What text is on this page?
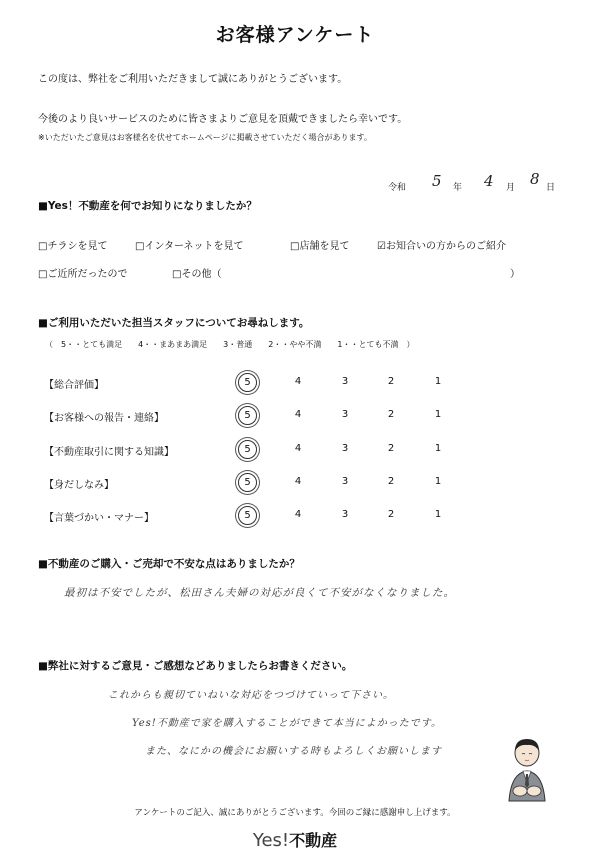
お客様アンケート
この度は、弊社をご利用いただきまして誠にありがとうございます。
今後のより良いサービスのために皆さまよりご意見を頂戴できましたら幸いです。
※いただいたご意見はお客様名を伏せてホームページに掲載させていただく場合があります。
令和 5 年 4 月 8 日
■Yes！不動産を何でお知りになりましたか？
□チラシを見て	□インターネットを見て	□店舗を見て	☑お知合いの方からのご紹介
□ご近所だったので	□その他（	）
■ご利用いただいた担当スタッフについてお尋ねします。
（　5・・とても満足　　4・・まあまあ満足　　3・普通　　2・・やや不満　　1・・とても不満　）
【総合評価】	5	4	3	2	1
【お客様への報告・連絡】	5	4	3	2	1
【不動産取引に関する知識】	5	4	3	2	1
【身だしなみ】	5	4	3	2	1
【言葉づかい・マナー】	5	4	3	2	1
■不動産のご購入・ご売却で不安な点はありましたか？
最初は不安でしたが、松田さん夫婦の対応が良くて不安がなくなりました。
■弊社に対するご意見・ご感想などありましたらお書きください。
これからも親切ていねいな対応をつづけていって下さい。
Yes!不動産で家を購入することができて本当によかったです。
また、なにかの機会にお願いする時もよろしくお願いします
アンケートのご記入、誠にありがとうございます。今回のご縁に感謝申し上げます。
Yes!不動産
